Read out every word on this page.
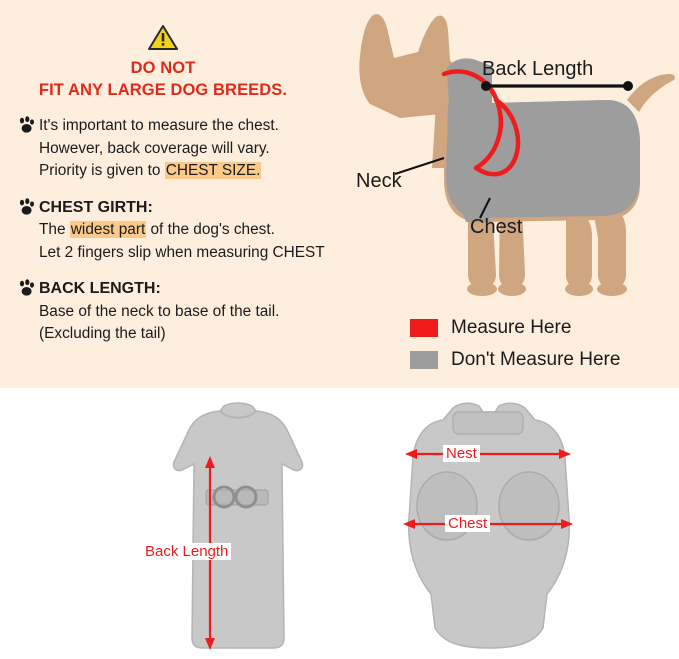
DO NOT
FIT ANY LARGE DOG BREEDS.

It's important to measure the chest.

However, back coverage will vary.

Priority is given to CHEST SIZE.

CHEST GIRTH:

The widest part of the dog's chest.

Let 2 fingers slip when measuring CHEST

BACK LENGTH:

Base of the neck to base of the tail.

(Excluding the tail)

Back Length
Neck
Chest
Measure Here
Don't Measure Here
Back Length
Nest
Chest
